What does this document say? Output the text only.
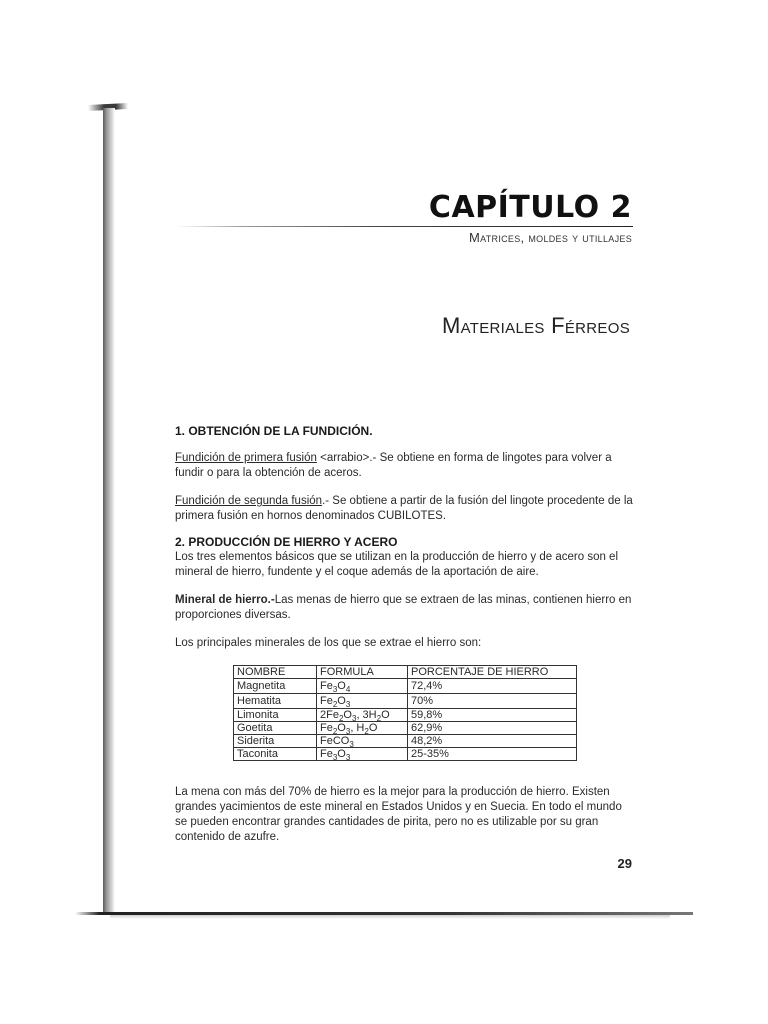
CAPÍTULO 2
Matrices, moldes y utillajes
Materiales Férreos
1. OBTENCIÓN DE LA FUNDICIÓN.

Fundición de primera fusión <arrabio>.- Se obtiene en forma de lingotes para volver a fundir o para la obtención de aceros.

Fundición de segunda fusión.- Se obtiene a partir de la fusión del lingote procedente de la primera fusión en hornos denominados CUBILOTES.

2. PRODUCCIÓN DE HIERRO Y ACERO

Los tres elementos básicos que se utilizan en la producción de hierro y de acero son el mineral de hierro, fundente y el coque además de la aportación de aire.

Mineral de hierro.-Las menas de hierro que se extraen de las minas, contienen hierro en proporciones diversas.

Los principales minerales de los que se extrae el hierro son:

NOMBRE	FORMULA	PORCENTAJE DE HIERRO
Magnetita	$Fe_3O_4$	72,4%
Hematita	$Fe_2O_3$	70%
Limonita	$2Fe_2O_3$, $3H_2O$	59,8%
Goetita	$Fe_2O_3$, $H_2O$	62,9%
Siderita	FeCO$_3$	48,2%
Taconita	$Fe_3O_3$	25-35%

La mena con más del 70% de hierro es la mejor para la producción de hierro. Existen grandes yacimientos de este mineral en Estados Unidos y en Suecia. En todo el mundo se pueden encontrar grandes cantidades de pirita, pero no es utilizable por su gran contenido de azufre.

29
